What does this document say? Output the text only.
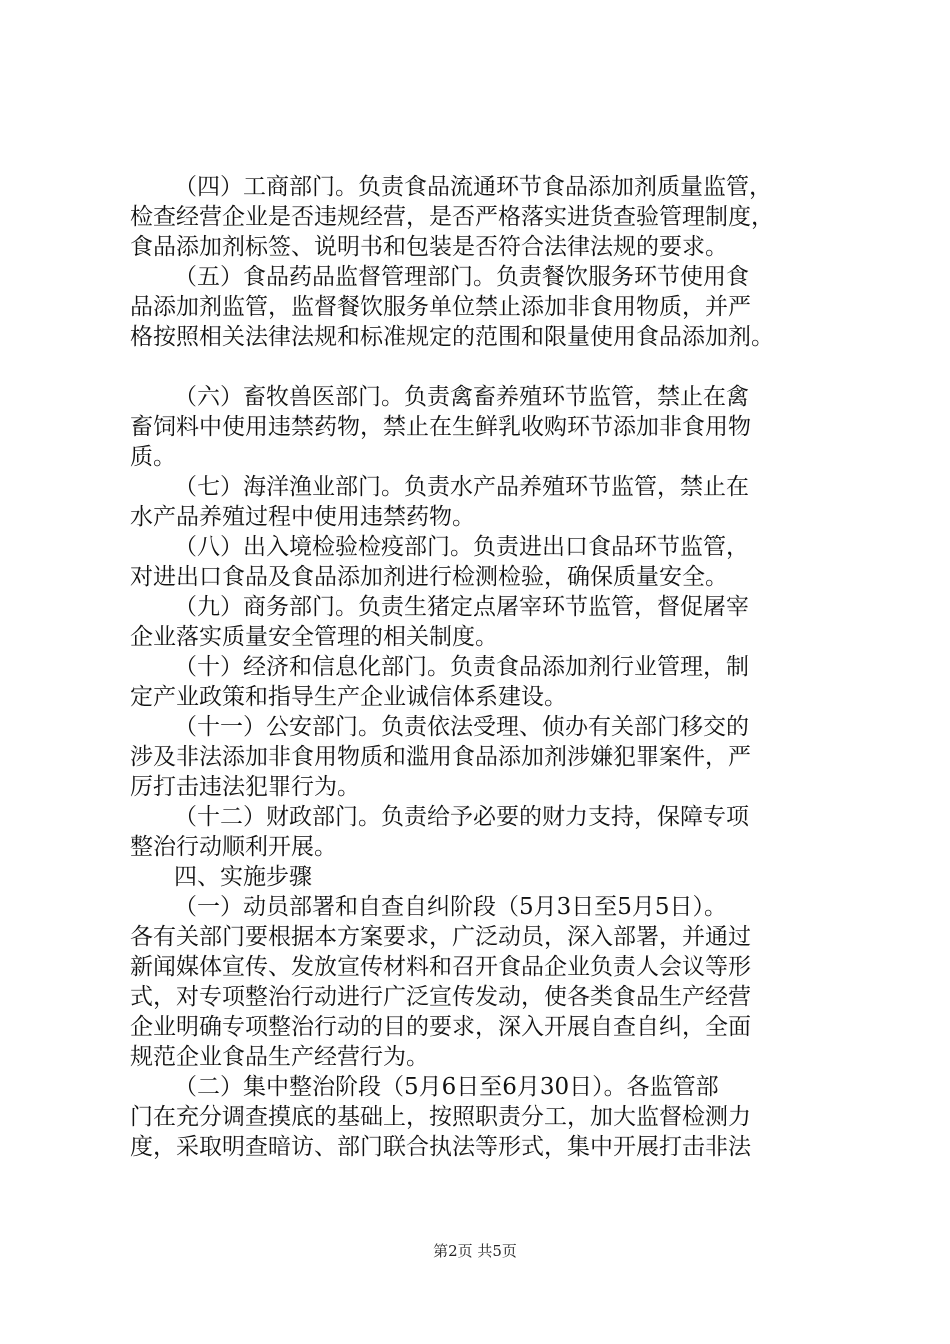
（四）工商部门。负责食品流通环节食品添加剂质量监管，
检查经营企业是否违规经营，是否严格落实进货查验管理制度，
食品添加剂标签、说明书和包装是否符合法律法规的要求。
（五）食品药品监督管理部门。负责餐饮服务环节使用食
品添加剂监管，监督餐饮服务单位禁止添加非食用物质，并严
格按照相关法律法规和标准规定的范围和限量使用食品添加剂。
（六）畜牧兽医部门。负责禽畜养殖环节监管，禁止在禽
畜饲料中使用违禁药物，禁止在生鲜乳收购环节添加非食用物
质。
（七）海洋渔业部门。负责水产品养殖环节监管，禁止在
水产品养殖过程中使用违禁药物。
（八）出入境检验检疫部门。负责进出口食品环节监管，
对进出口食品及食品添加剂进行检测检验，确保质量安全。
（九）商务部门。负责生猪定点屠宰环节监管，督促屠宰
企业落实质量安全管理的相关制度。
（十）经济和信息化部门。负责食品添加剂行业管理，制
定产业政策和指导生产企业诚信体系建设。
（十一）公安部门。负责依法受理、侦办有关部门移交的
涉及非法添加非食用物质和滥用食品添加剂涉嫌犯罪案件，严
厉打击违法犯罪行为。
（十二）财政部门。负责给予必要的财力支持，保障专项
整治行动顺利开展。
四、实施步骤
（一）动员部署和自查自纠阶段（5月3日至5月5日）。
各有关部门要根据本方案要求，广泛动员，深入部署，并通过
新闻媒体宣传、发放宣传材料和召开食品企业负责人会议等形
式，对专项整治行动进行广泛宣传发动，使各类食品生产经营
企业明确专项整治行动的目的要求，深入开展自查自纠，全面
规范企业食品生产经营行为。
（二）集中整治阶段（5月6日至6月30日）。各监管部
门在充分调查摸底的基础上，按照职责分工，加大监督检测力
度，采取明查暗访、部门联合执法等形式，集中开展打击非法
第2页 共5页
